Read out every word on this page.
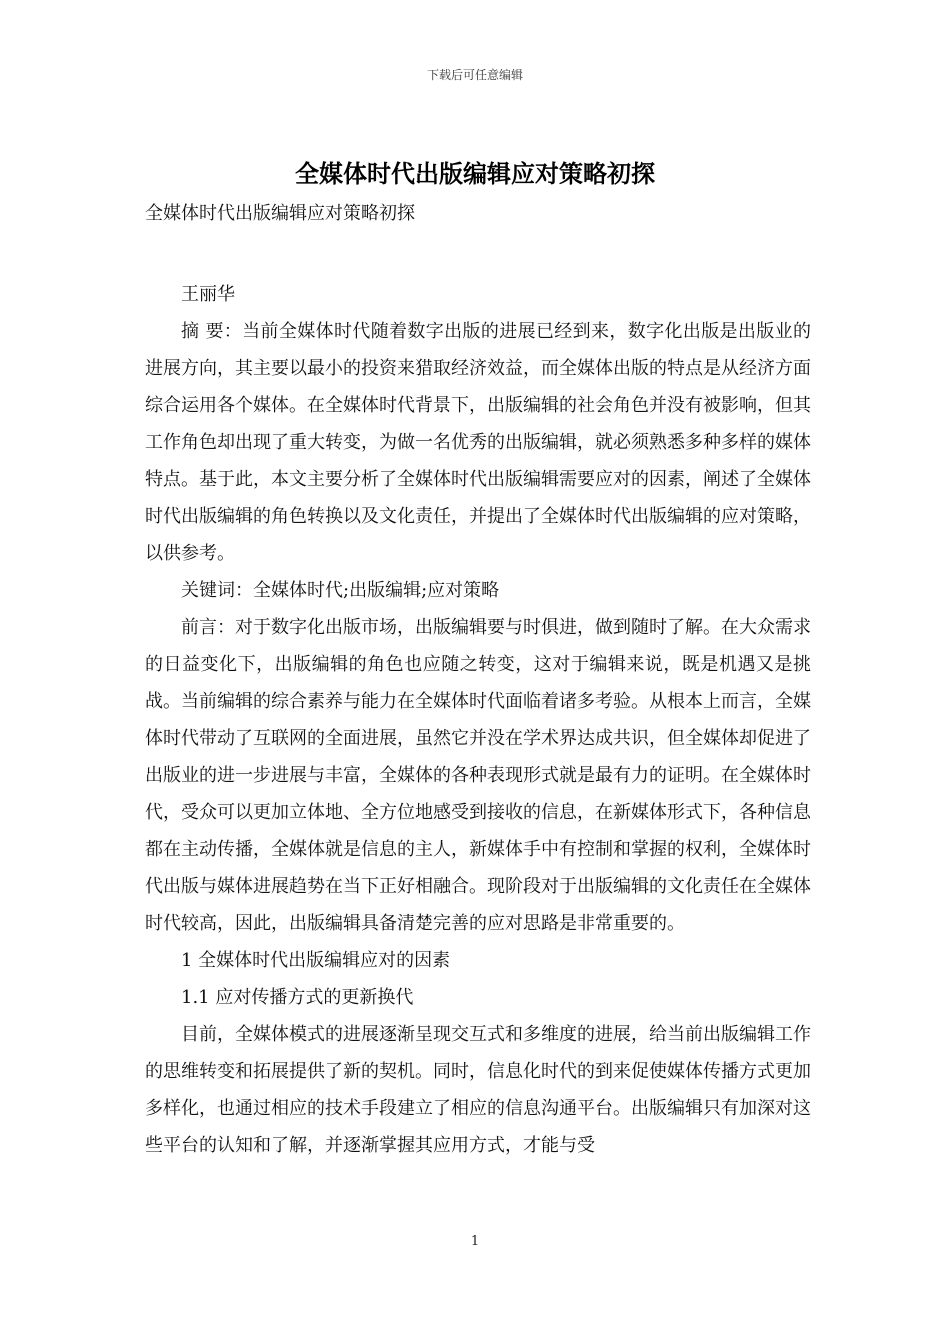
下载后可任意编辑
全媒体时代出版编辑应对策略初探
全媒体时代出版编辑应对策略初探

王丽华

摘 要：当前全媒体时代随着数字出版的进展已经到来，数字化出版是出版业的进展方向，其主要以最小的投资来猎取经济效益，而全媒体出版的特点是从经济方面综合运用各个媒体。在全媒体时代背景下，出版编辑的社会角色并没有被影响，但其工作角色却出现了重大转变，为做一名优秀的出版编辑，就必须熟悉多种多样的媒体特点。基于此，本文主要分析了全媒体时代出版编辑需要应对的因素，阐述了全媒体时代出版编辑的角色转换以及文化责任，并提出了全媒体时代出版编辑的应对策略，以供参考。

关键词：全媒体时代;出版编辑;应对策略

前言：对于数字化出版市场，出版编辑要与时俱进，做到随时了解。在大众需求的日益变化下，出版编辑的角色也应随之转变，这对于编辑来说，既是机遇又是挑战。当前编辑的综合素养与能力在全媒体时代面临着诸多考验。从根本上而言，全媒体时代带动了互联网的全面进展，虽然它并没在学术界达成共识，但全媒体却促进了出版业的进一步进展与丰富，全媒体的各种表现形式就是最有力的证明。在全媒体时代，受众可以更加立体地、全方位地感受到接收的信息，在新媒体形式下，各种信息都在主动传播，全媒体就是信息的主人，新媒体手中有控制和掌握的权利，全媒体时代出版与媒体进展趋势在当下正好相融合。现阶段对于出版编辑的文化责任在全媒体时代较高，因此，出版编辑具备清楚完善的应对思路是非常重要的。

1 全媒体时代出版编辑应对的因素

1.1 应对传播方式的更新换代

目前，全媒体模式的进展逐渐呈现交互式和多维度的进展，给当前出版编辑工作的思维转变和拓展提供了新的契机。同时，信息化时代的到来促使媒体传播方式更加多样化，也通过相应的技术手段建立了相应的信息沟通平台。出版编辑只有加深对这些平台的认知和了解，并逐渐掌握其应用方式，才能与受

1
